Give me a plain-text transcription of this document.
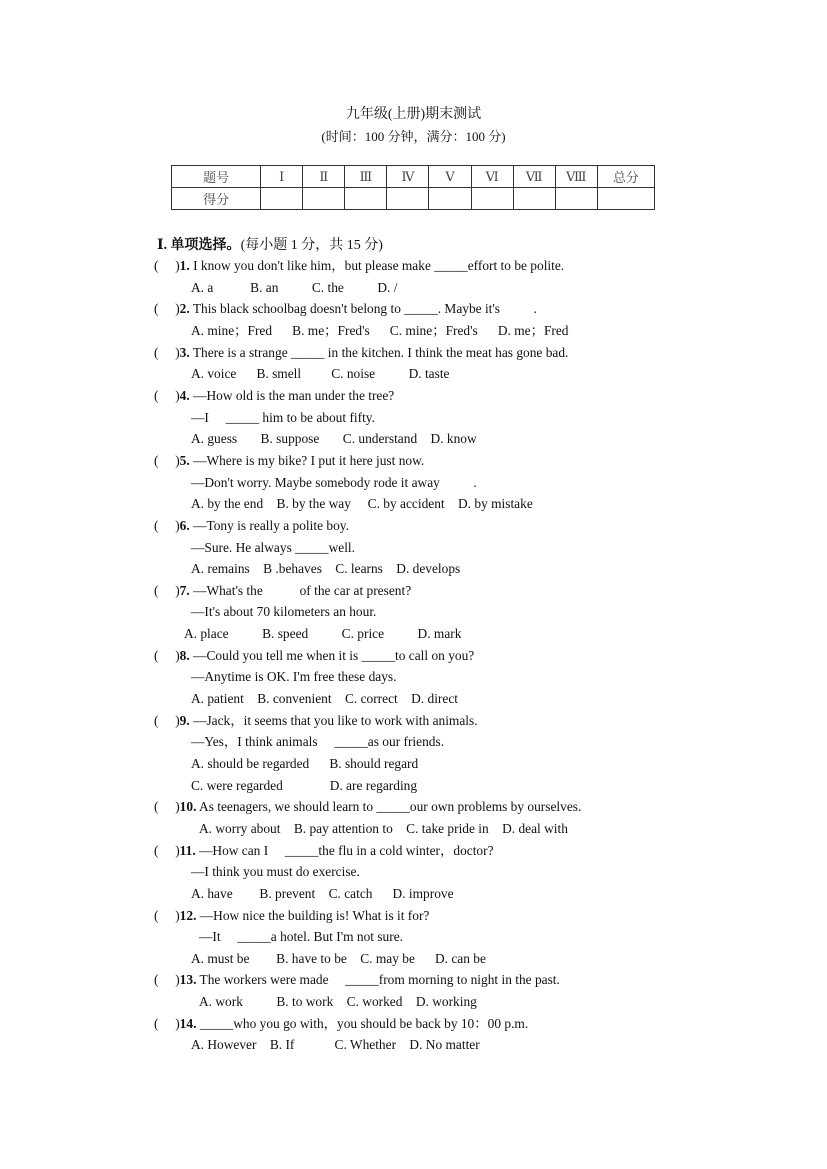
九年级(上册)期末测试
(时间：100 分钟，满分：100 分)
题号	Ⅰ	Ⅱ	Ⅲ	Ⅳ	Ⅴ	Ⅵ	Ⅶ	Ⅷ	总分
得分									
Ⅰ. 单项选择。(每小题 1 分，共 15 分)
(     )1. I know you don't like him，but please make _____effort to be polite.
A. a           B. an          C. the          D. /
(     )2. This black schoolbag doesn't belong to _____. Maybe it's          .
A. mine；Fred      B. me；Fred's      C. mine；Fred's      D. me；Fred
(     )3. There is a strange _____ in the kitchen. I think the meat has gone bad.
A. voice      B. smell         C. noise          D. taste
(     )4. —How old is the man under the tree?
—I     _____ him to be about fifty.
A. guess       B. suppose       C. understand    D. know
(     )5. —Where is my bike? I put it here just now.
—Don't worry. Maybe somebody rode it away          .
A. by the end    B. by the way     C. by accident    D. by mistake
(     )6. —Tony is really a polite boy.
—Sure. He always _____well.
A. remains    B .behaves    C. learns    D. develops
(     )7. —What's the           of the car at present?
—It's about 70 kilometers an hour.
A. place          B. speed          C. price          D. mark
(     )8. —Could you tell me when it is _____to call on you?
—Anytime is OK. I'm free these days.
A. patient    B. convenient    C. correct    D. direct
(     )9. —Jack，it seems that you like to work with animals.
—Yes，I think animals     _____as our friends.
A. should be regarded      B. should regard
C. were regarded              D. are regarding
(     )10. As teenagers, we should learn to _____our own problems by ourselves.
A. worry about    B. pay attention to    C. take pride in    D. deal with
(     )11. —How can I     _____the flu in a cold winter，doctor?
—I think you must do exercise.
A. have        B. prevent    C. catch      D. improve
(     )12. —How nice the building is! What is it for?
—It     _____a hotel. But I'm not sure.
A. must be        B. have to be    C. may be      D. can be
(     )13. The workers were made     _____from morning to night in the past.
A. work          B. to work    C. worked    D. working
(     )14. _____who you go with，you should be back by 10：00 p.m.
A. However    B. If            C. Whether    D. No matter
